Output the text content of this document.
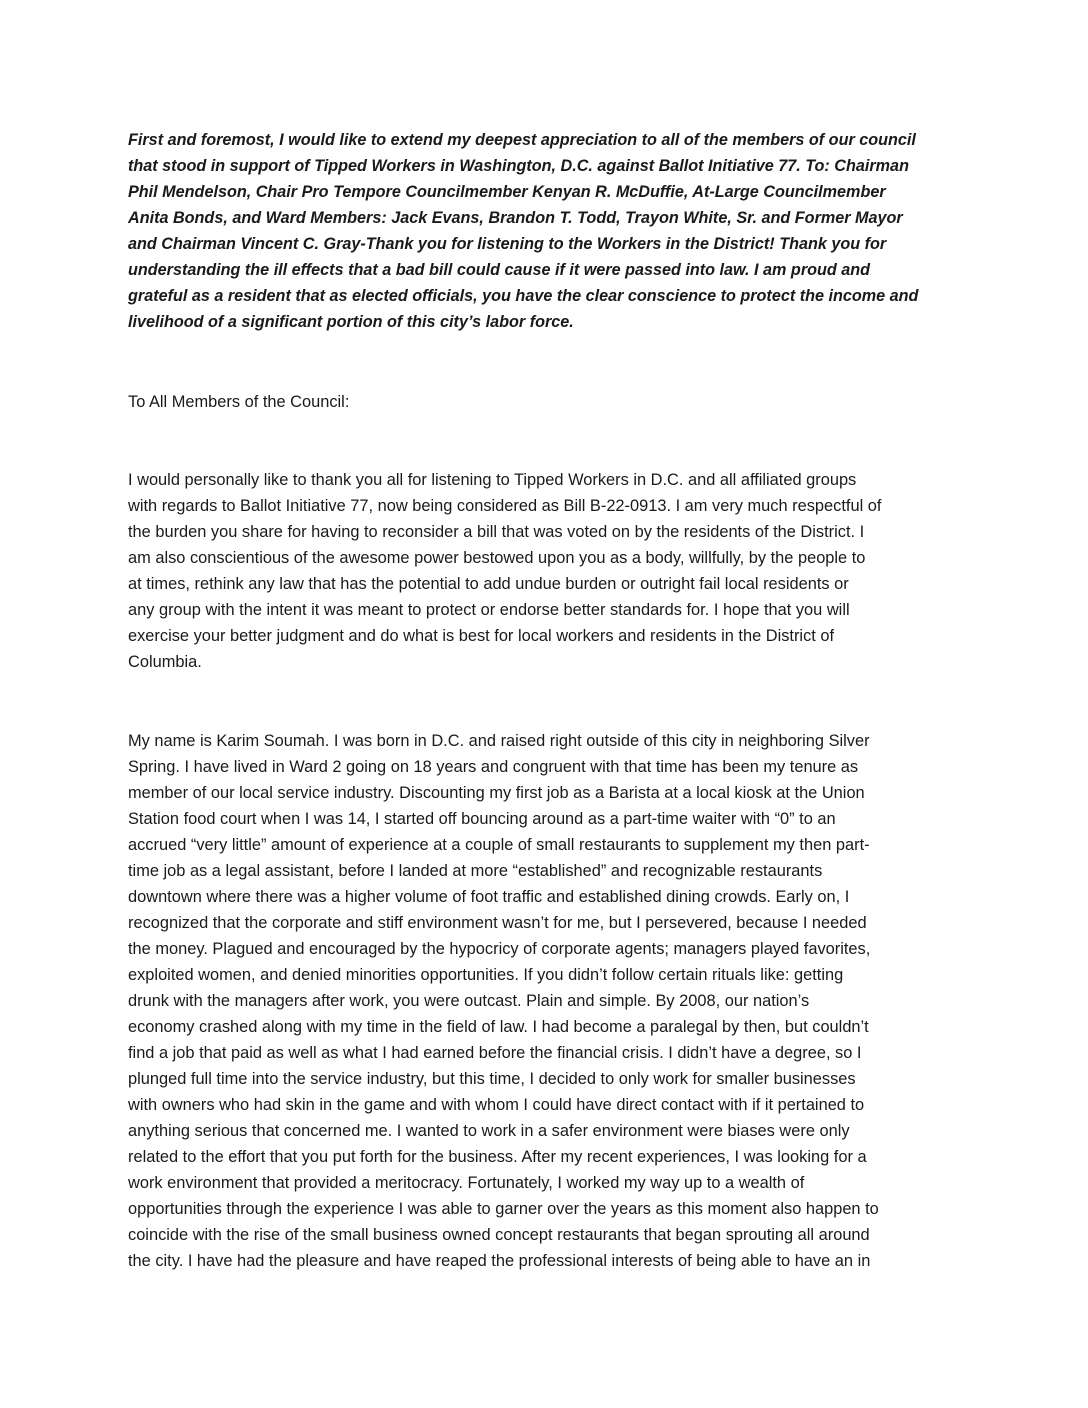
First and foremost, I would like to extend my deepest appreciation to all of the members of our council
that stood in support of Tipped Workers in Washington, D.C. against Ballot Initiative 77. To: Chairman
Phil Mendelson, Chair Pro Tempore Councilmember Kenyan R. McDuffie, At-Large Councilmember
Anita Bonds, and Ward Members: Jack Evans, Brandon T. Todd, Trayon White, Sr. and Former Mayor
and Chairman Vincent C. Gray-Thank you for listening to the Workers in the District! Thank you for
understanding the ill effects that a bad bill could cause if it were passed into law. I am proud and
grateful as a resident that as elected officials, you have the clear conscience to protect the income and
livelihood of a significant portion of this city’s labor force.
To All Members of the Council:
I would personally like to thank you all for listening to Tipped Workers in D.C. and all affiliated groups
with regards to Ballot Initiative 77, now being considered as Bill B-22-0913. I am very much respectful of
the burden you share for having to reconsider a bill that was voted on by the residents of the District. I
am also conscientious of the awesome power bestowed upon you as a body, willfully, by the people to
at times, rethink any law that has the potential to add undue burden or outright fail local residents or
any group with the intent it was meant to protect or endorse better standards for. I hope that you will
exercise your better judgment and do what is best for local workers and residents in the District of
Columbia.
My name is Karim Soumah. I was born in D.C. and raised right outside of this city in neighboring Silver
Spring. I have lived in Ward 2 going on 18 years and congruent with that time has been my tenure as
member of our local service industry. Discounting my first job as a Barista at a local kiosk at the Union
Station food court when I was 14, I started off bouncing around as a part-time waiter with “0” to an
accrued “very little” amount of experience at a couple of small restaurants to supplement my then part-
time job as a legal assistant, before I landed at more “established” and recognizable restaurants
downtown where there was a higher volume of foot traffic and established dining crowds. Early on, I
recognized that the corporate and stiff environment wasn’t for me, but I persevered, because I needed
the money. Plagued and encouraged by the hypocricy of corporate agents; managers played favorites,
exploited women, and denied minorities opportunities. If you didn’t follow certain rituals like: getting
drunk with the managers after work, you were outcast. Plain and simple. By 2008, our nation’s
economy crashed along with my time in the field of law. I had become a paralegal by then, but couldn’t
find a job that paid as well as what I had earned before the financial crisis. I didn’t have a degree, so I
plunged full time into the service industry, but this time, I decided to only work for smaller businesses
with owners who had skin in the game and with whom I could have direct contact with if it pertained to
anything serious that concerned me. I wanted to work in a safer environment were biases were only
related to the effort that you put forth for the business. After my recent experiences, I was looking for a
work environment that provided a meritocracy. Fortunately, I worked my way up to a wealth of
opportunities through the experience I was able to garner over the years as this moment also happen to
coincide with the rise of the small business owned concept restaurants that began sprouting all around
the city. I have had the pleasure and have reaped the professional interests of being able to have an in
